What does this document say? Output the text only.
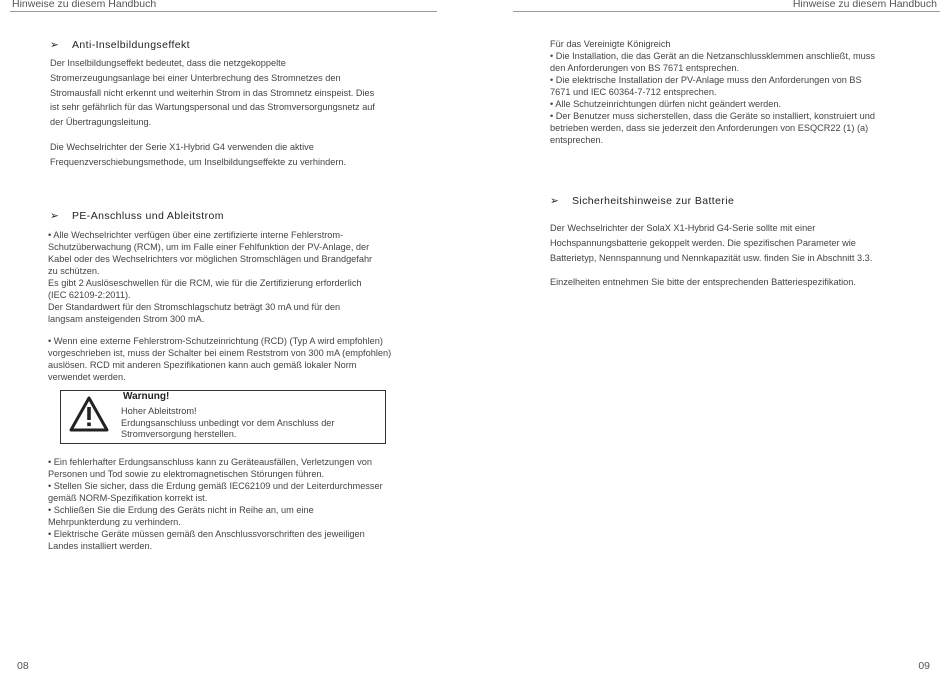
Hinweise zu diesem Handbuch	Hinweise zu diesem Handbuch
➢ Anti-Inselbildungseffekt

Der Inselbildungseffekt bedeutet, dass die netzgekoppelte

Stromerzeugungsanlage bei einer Unterbrechung des Stromnetzes den

Stromausfall nicht erkennt und weiterhin Strom in das Stromnetz einspeist. Dies

ist sehr gefährlich für das Wartungspersonal und das Stromversorgungsnetz auf

der Übertragungsleitung.

Die Wechselrichter der Serie X1-Hybrid G4 verwenden die aktive

Frequenzverschiebungsmethode, um Inselbildungseffekte zu verhindern.

➢ PE-Anschluss und Ableitstrom

• Alle Wechselrichter verfügen über eine zertifizierte interne Fehlerstrom-

Schutzüberwachung (RCM), um im Falle einer Fehlfunktion der PV-Anlage, der

Kabel oder des Wechselrichters vor möglichen Stromschlägen und Brandgefahr

zu schützen.

Es gibt 2 Auslöseschwellen für die RCM, wie für die Zertifizierung erforderlich

(IEC 62109-2:2011).

Der Standardwert für den Stromschlagschutz beträgt 30 mA und für den

langsam ansteigenden Strom 300 mA.

• Wenn eine externe Fehlerstrom-Schutzeinrichtung (RCD) (Typ A wird empfohlen)

vorgeschrieben ist, muss der Schalter bei einem Reststrom von 300 mA (empfohlen)

auslösen. RCD mit anderen Spezifikationen kann auch gemäß lokaler Norm

verwendet werden.

Warnung!
Hoher Ableitstrom!
Erdungsanschluss unbedingt vor dem Anschluss der
Stromversorgung herstellen.

• Ein fehlerhafter Erdungsanschluss kann zu Geräteausfällen, Verletzungen von

Personen und Tod sowie zu elektromagnetischen Störungen führen.

• Stellen Sie sicher, dass die Erdung gemäß IEC62109 und der Leiterdurchmesser

gemäß NORM-Spezifikation korrekt ist.

• Schließen Sie die Erdung des Geräts nicht in Reihe an, um eine

Mehrpunkterdung zu verhindern.

• Elektrische Geräte müssen gemäß den Anschlussvorschriften des jeweiligen

Landes installiert werden.

Für das Vereinigte Königreich

• Die Installation, die das Gerät an die Netzanschlussklemmen anschließt, muss

den Anforderungen von BS 7671 entsprechen.

• Die elektrische Installation der PV-Anlage muss den Anforderungen von BS

7671 und IEC 60364-7-712 entsprechen.

• Alle Schutzeinrichtungen dürfen nicht geändert werden.

• Der Benutzer muss sicherstellen, dass die Geräte so installiert, konstruiert und

betrieben werden, dass sie jederzeit den Anforderungen von ESQCR22 (1) (a)

entsprechen.

➢ Sicherheitshinweise zur Batterie

Der Wechselrichter der SolaX X1-Hybrid G4-Serie sollte mit einer

Hochspannungsbatterie gekoppelt werden. Die spezifischen Parameter wie

Batterietyp, Nennspannung und Nennkapazität usw. finden Sie in Abschnitt 3.3.

Einzelheiten entnehmen Sie bitte der entsprechenden Batteriespezifikation.
08	09
